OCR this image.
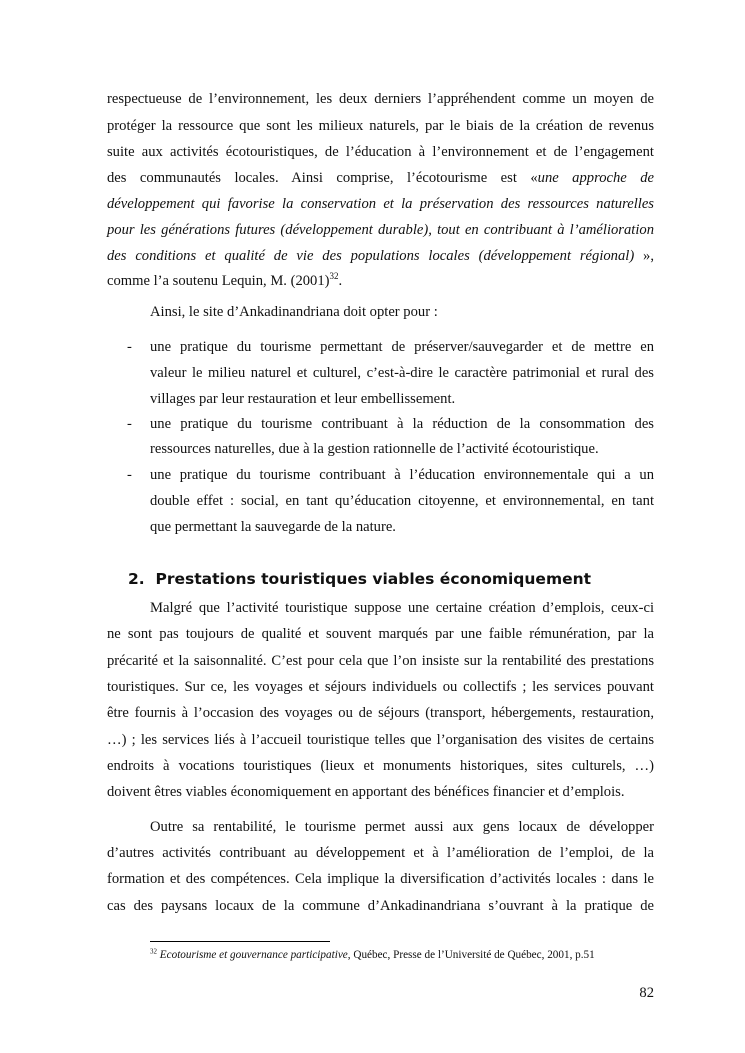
respectueuse de l’environnement, les deux derniers l’appréhendent comme un moyen de
protéger la ressource que sont les milieux naturels, par le biais de la création de revenus
suite aux activités écotouristiques, de l’éducation à l’environnement et de l’engagement
des communautés locales. Ainsi comprise, l’écotourisme est «une approche de
développement qui favorise la conservation et la préservation des ressources naturelles
pour les générations futures (développement durable), tout en contribuant à l’amélioration
des conditions et qualité de vie des populations locales (développement régional) »,
comme l’a soutenu Lequin, M. $(2001)^{32}$.
Ainsi, le site d’Ankadinandriana doit opter pour :
- une pratique du tourisme permettant de préserver/sauvegarder et de mettre en
valeur le milieu naturel et culturel, c’est-à-dire le caractère patrimonial et rural des
villages par leur restauration et leur embellissement.
- une pratique du tourisme contribuant à la réduction de la consommation des
ressources naturelles, due à la gestion rationnelle de l’activité écotouristique.
- une pratique du tourisme contribuant à l’éducation environnementale qui a un
double effet : social, en tant qu’éducation citoyenne, et environnemental, en tant
que permettant la sauvegarde de la nature.
2. Prestations touristiques viables économiquement
Malgré que l’activité touristique suppose une certaine création d’emplois, ceux-ci
ne sont pas toujours de qualité et souvent marqués par une faible rémunération, par la
précarité et la saisonnalité. C’est pour cela que l’on insiste sur la rentabilité des prestations
touristiques. Sur ce, les voyages et séjours individuels ou collectifs ; les services pouvant
être fournis à l’occasion des voyages ou de séjours (transport, hébergements, restauration,
…) ; les services liés à l’accueil touristique telles que l’organisation des visites de certains
endroits à vocations touristiques (lieux et monuments historiques, sites culturels, …)
doivent êtres viables économiquement en apportant des bénéfices financier et d’emplois.
Outre sa rentabilité, le tourisme permet aussi aux gens locaux de développer
d’autres activités contribuant au développement et à l’amélioration de l’emploi, de la
formation et des compétences. Cela implique la diversification d’activités locales : dans le
cas des paysans locaux de la commune d’Ankadinandriana s’ouvrant à la pratique de
$^{32}$ Ecotourisme et gouvernance participative, Québec, Presse de l’Université de Québec, 2001, p.51
82
